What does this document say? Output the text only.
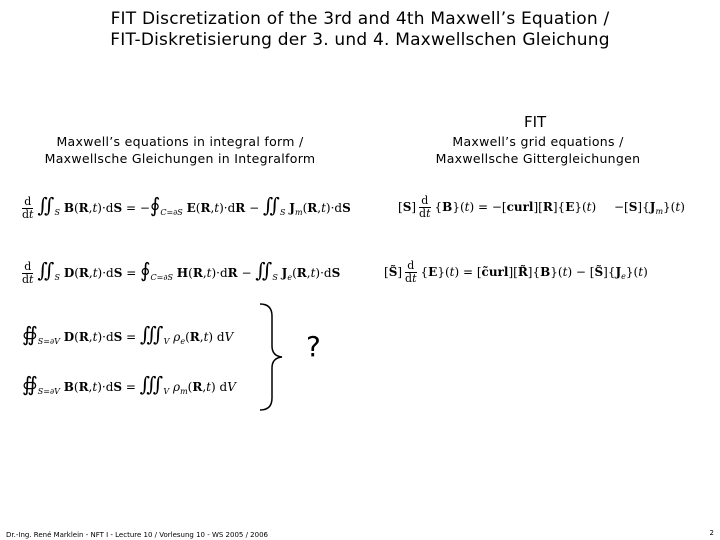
FIT Discretization of the 3rd and 4th Maxwell’s Equation /
FIT-Diskretisierung der 3. und 4. Maxwellschen Gleichung
Maxwell’s equations in integral form / Maxwellsche Gleichungen in Integralform
FIT
Maxwell’s grid equations / Maxwellsche Gittergleichungen
$\frac{d}{dt}$ $∬_S$ $B(R,t)\cdot dS = -∮_{C=\partial S}$ $E(R,t)\cdot dR - ∬_S$ $J_m(R,t)\cdot dS$
$\frac{d}{dt}$ $∬_S$ $D(R,t)\cdot dS = ∮_{C=\partial S}$ $H(R,t)\cdot dR - ∬_S$ $J_e(R,t)\cdot dS$
$∯_{S=\partial V}$ $D(R,t)\cdot dS = ∭_V$ $\rho_e(R,t)$ dV
$∯_{S=\partial V}$ $B(R,t)\cdot dS = ∭_V$ $\rho_m(R,t)$ dV
$[S] \frac{d}{dt} \{B\}(t)$ = −[curl][R]{E}(t) $-[S]\{J_m\}(t)$
[S̃] $\frac{d}{dt} \{E\}(t)$ = [c̃url][R̃]{B}(t) − $[S̃]\{J_e\}(t)$
?
Dr.-Ing. René Marklein - NFT I - Lecture 10 / Vorlesung 10 - WS 2005 / 2006	2
